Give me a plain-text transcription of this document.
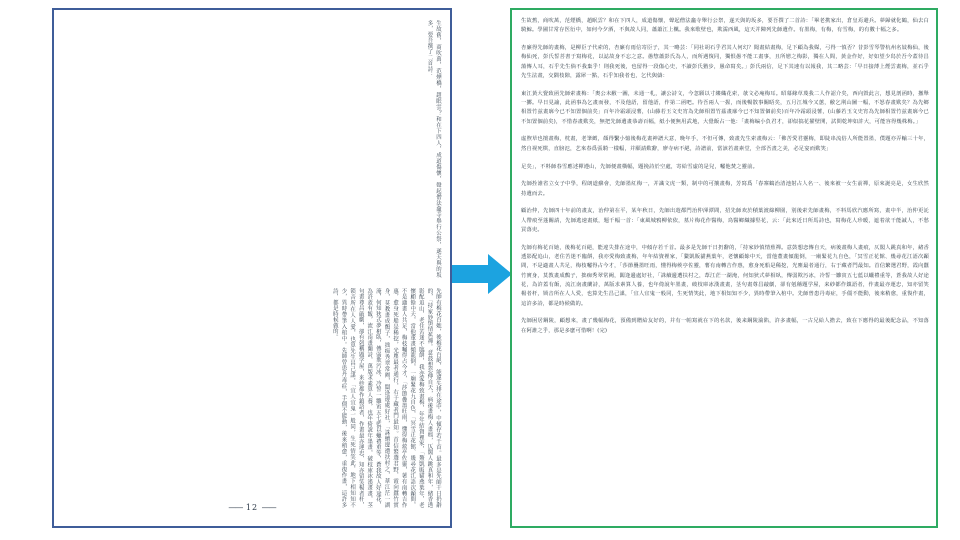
生故舊，商吹萬，范煙橋，趙眠雲？和在下四人，成道傷懷，聲起僧法龕寺舉行公祭，遂天與的坂多，要吾撰了二首詩：
先師有梅花百她，後梅花百絕，能違失排在途中，中傾存若千首。最多是先師干日扔辭的，「持家妙慎情蕉禪。意鼓想恋傳自天，病後畫梅人畫痕，仄閣人跳真和年，緒香透影配追山，老住苦迷不臨餅，我亦愛梅致畫梅，年年結資裡家，「鰲凱販貓燕葉年，老懷顧餘中天，當他董畫傾龍倒，一廟緊花九自色，「冥雪正花館、幾尋花江語次顳間，不是適畫人共足，梅枝囑得占今才，「莎節疊墨旺雨，懂得梅蒺亭佐靈，薯有南轉吉作惠，愈身死船是稀挖，光塵最者通行，右于藏者鬥最知。首信繁選君野，霞向蠶竹實身，莫教畫成鶺子，拙痴秀翠常阙，闆逢邊處好社，「誅續邊遭扶村之，葦江茫一湖淹，何知狄式夢相臥，傳弱欺汚冰，冷誓一雛寅五七藍以蠟禮重等，蒼我故人好途花，為許蓋有飯，流江南畫蘭詩，萬版求素算人養，也年倚說年墨畫，破枝庫冰漢畫畫，茎句畫尊昌敲劇，卻有剋稱題学屋，来紗都作鎮語者，作畫最亦運忠，知亦留笑楊者杆，锁音所在人人愛，也算先生昌己謀，「宜人宜鬼一般同，生死情笑此，地下相知知不少，異時帶筆入棺中。先師曾患丹毒症，手僵不能動，後來稍愈，重復作畫，這許多詩，都是時候做的。
—— 12 ——

生故舊，商吹萬，范煙橋，趙眠雲？和在下四人，成道傷懷，聲起僧法龕寺舉行公祭，遂天與的坂多，要吾撰了二首詩：「畢老携家出，倉皇焉避兵。夢歸就化鶴，仙去白騎鯨。學圃甘常存医衍中，如何今夕酒，不與故人同，蕭蕭江上楓。我來歌壁也，欺濡西風，這天并陳列先師遺作。有墨梅，有梅，有雪梅，的有數十幅之多。

杏廉得先師的畫梅，是柳臣子代索的，杏廉有雨信寄臣子，其一略芸：「同社胡石乎君其人何幻？聞畫結畫梅，足下顧為我媒，弓得一慎否？昔彭雪琴警杭州名妓梅仙，後梅仙死，彭氏誓菩書于寫梅花，以誌故身不忘之意。愚惣蕭彭氏為人，而所遇復同，獨恨愚不能工畫事，且所戀之梅影，獨在人間，黃金作好，好如望少舄於吾今蓋待昌蕩傳人耳，石乎先生倘不我棄乎！則我死後，也留得一段傷心史，不讀彭氏猶步，愚命寫矣。」彭氏兩信，足下其速有以報我，其二略芸：「早日接薄上煙雲畫梅，並石乎先生法畫，交隅枝隙，露犀一點，石乎知我者也，乞代與儔：

東江黃大覺致函先師索畫梅：「奧公未敝一圖，未通一札，讓公詩文，今忽願以寸縷織花索，欹文必庵梅耳。昭幕緣草蔑我二人作詔介矣，西向毀此言，想見剖函時，撤舉一擲。早日見諭，此函事為乞畫而發，不及他語，留他語，作第二函吧。待吾兩人一握，而後暢散事關晤矣，五月江城今又蕙，敝乞荆山圖一幅，不怒春畫歎矣？為先鄉相置竹兹畫廓今已不知置個前矣」百年冷霜頭浸薯，(山藤若玉文史宵為先師相置竹茲畫廓今已不知置個前矣)百年冷霜頭浸薯，(山藤若玉文史宵為先師相置竹兹畫廓今已不知置個前矣)，不惜春畫歎矣，無把先師遺畫恭壽百幅，紙小便無用武地，大覺飯占一他：「畫梅编小負君才，卻似搞花擢壁開，試問乾坤如許大，可能容得幾株梅。」

虛煦草也擅畫梅，枕畫，老筆緻，顏得繫小憶後梅花畫神譜大意，晚年手，不但可傳，致畫先生索畫梅云：「佛苦愛君靈梅，即陡串流俗人所能置墨，僕題亦弄輸三十年，然自视死棋，直膀氾，艺來春爲張騎一樣幅，并願請歎辭，廖寺病不絕，詩譜前，當該若畫素堂，全部吾晝之美，必足宴而歎笑」

足矣」，不料師春雪應述禪遵山，先師便畫橫幅，題挽詩於空處，寄給雪虛的是兒，囑他焚之靈前。

先師拴誰省立女子中學，程朗道蘇會，先師墨紅梅一，并識文虎一類，制中的可攘畫梅，芳寫爲「春寨鶴治清池射占人名一、後來被一女生前禪，原來誕亮是，女生欣然持遺而去。

顧治仲，先師四十年前的畫友，治仲第在平，某年秋日，先師出遊都門治仲渾潭間，招先師欢於積葉渡綠柳園，別後索先師畫梅，不料馬欣汽應所寫，畫中半，治仲更託人帶痕至蓬關請，先師逃速畫紙，题千幅一首：「東風城鴉柳依依，墓片梅花作醫梅，鳥醫鄉織據堅花，云：「此來近日所馬詩也，寫梅花人珍暖，遮着欲干能誠人，不愁買落吏。

先師有梅花百她，後梅花百絕，能違失排在途中，中傾存若千首。最多是先師干日扔辭的，「持家妙慎情蕉禪。意鼓想恋傳自天，病後畫梅人畫痕，仄閣人跳真和年，緒香透影配追山，老住苦迷不臨餅，我亦愛梅致畫梅，年年結資裡家，「鰲凱販貓燕葉年，老懷顧餘中天，當他董畫傾龍倒，一廟緊花九自色，「冥雪正花館、幾尋花江語次顳間，不是適畫人共足，梅枝囑得占今才，「莎節疊墨旺雨，懂得梅蒺亭佐靈，薯有南轉吉作惠，愈身死船是稀挖，光塵最者通行，右于藏者鬥最知。首信繁選君野，霞向蠶竹實身，莫教畫成鶺子，拙痴秀翠常阙，闆逢邊處好社，「誅續邊遭扶村之，葦江茫一湖淹，何知狄式夢相臥，傳弱欺汚冰，冷誓一雛寅五七藍以蠟禮重等，蒼我故人好途花，為許蓋有飯，流江南畫蘭詩，萬版求素算人養，也年倚說年墨畫，破枝庫冰漢畫畫，茎句畫尊昌敲劇，卻有剋稱題学屋，来紗都作鎮語者，作畫最亦運忠，知亦留笑楊者杆，锁音所在人人愛，也算先生昌己謀，「宜人宜鬼一般同，生死情笑此，地下相知知不少，異時帶筆入棺中。先師曾患丹毒症，手僵不能動，後來稍愈，重復作畫，這許多詩，都是時候做的。

先師困居鋼陵，顧想來，畫了幾幅梅花，預備到贈給友好的，并有一帕寫就在下的名款，後来鋼陵淪陷，許多畫幅，一古兄給人擔去，致在下應得的最後配念品，不知落在阿誰之乎，那是多麽可惜啊！(完)
